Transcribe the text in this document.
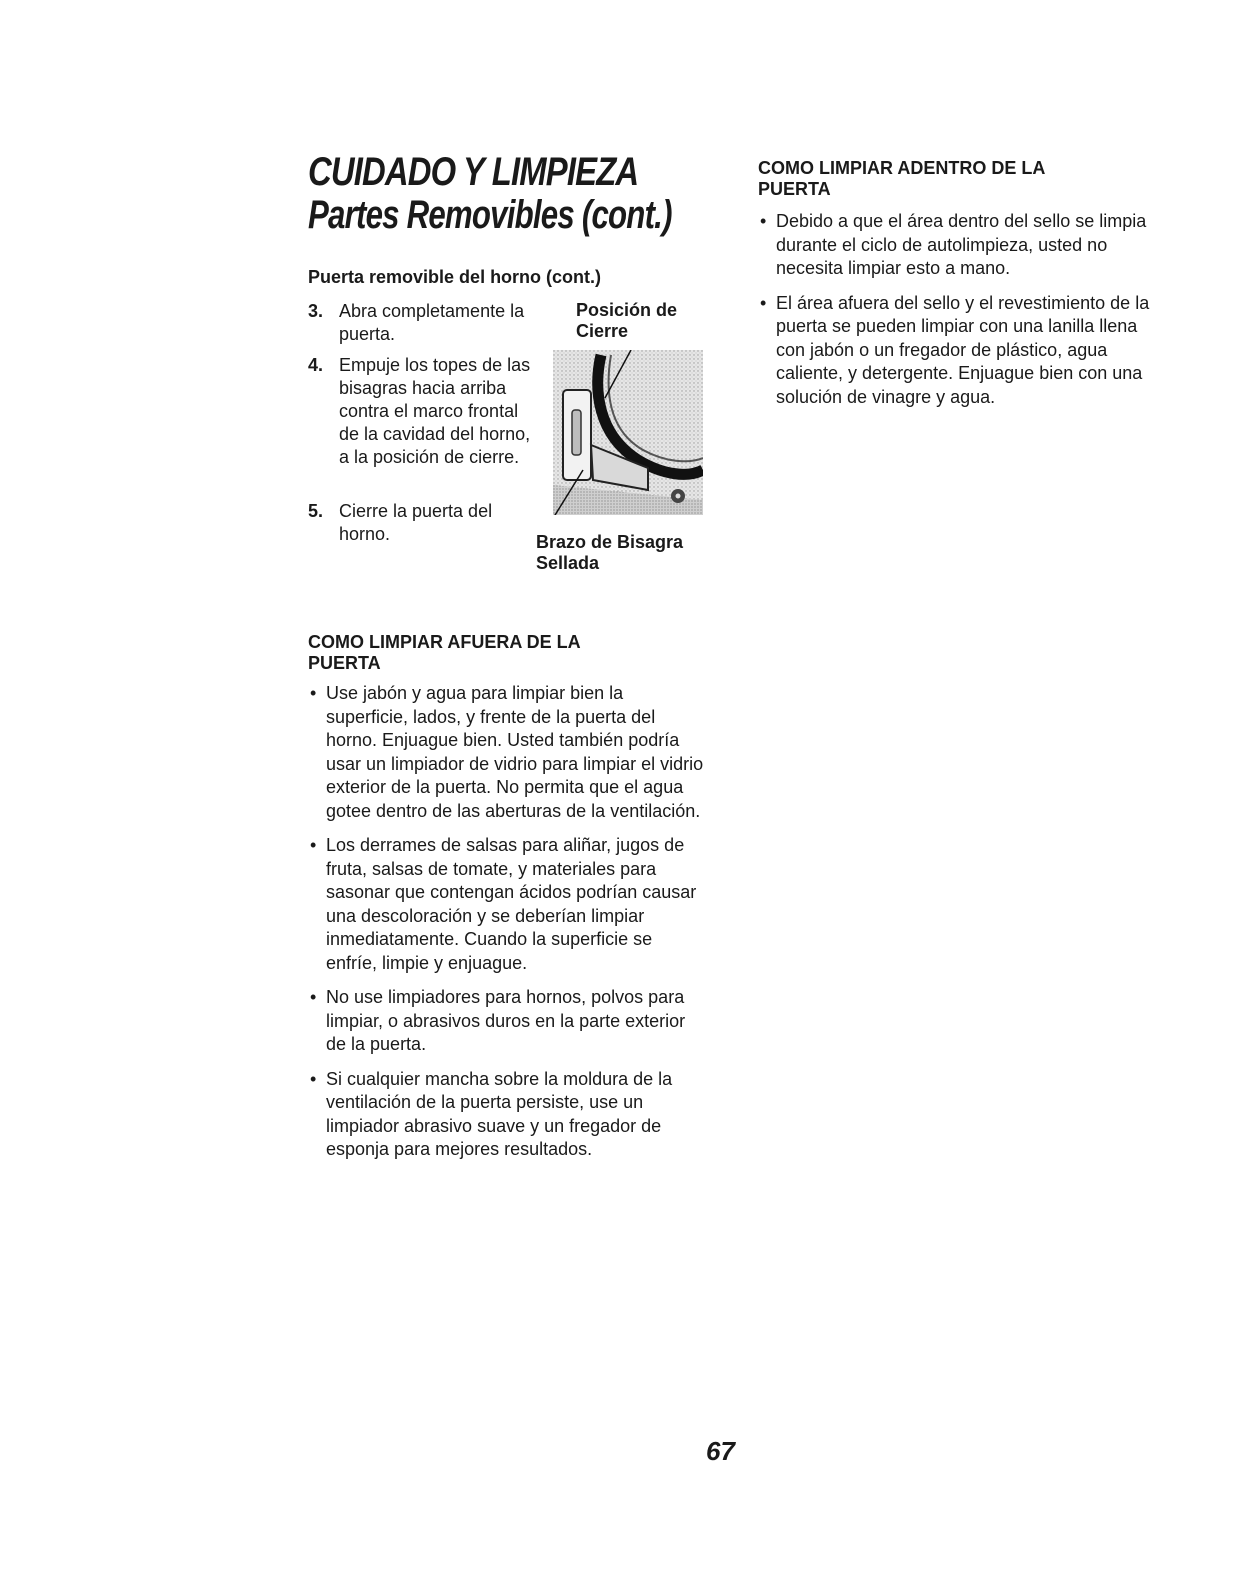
CUIDADO Y LIMPIEZA
Partes Removibles (cont.)
Puerta removible del horno (cont.)
3. Abra completamente la puerta.
4. Empuje los topes de las bisagras hacia arriba contra el marco frontal de la cavidad del horno, a la posición de cierre.
5. Cierre la puerta del horno.
Posición de Cierre
Brazo de Bisagra Sellada
COMO LIMPIAR AFUERA DE LA PUERTA
• Use jabón y agua para limpiar bien la superficie, lados, y frente de la puerta del horno. Enjuague bien. Usted también podría usar un limpiador de vidrio para limpiar el vidrio exterior de la puerta. No permita que el agua gotee dentro de las aberturas de la ventilación.
• Los derrames de salsas para aliñar, jugos de fruta, salsas de tomate, y materiales para sasonar que contengan ácidos podrían causar una descoloración y se deberían limpiar inmediatamente. Cuando la superficie se enfríe, limpie y enjuague.
• No use limpiadores para hornos, polvos para limpiar, o abrasivos duros en la parte exterior de la puerta.
• Si cualquier mancha sobre la moldura de la ventilación de la puerta persiste, use un limpiador abrasivo suave y un fregador de esponja para mejores resultados.
COMO LIMPIAR ADENTRO DE LA PUERTA
• Debido a que el área dentro del sello se limpia durante el ciclo de autolimpieza, usted no necesita limpiar esto a mano.
• El área afuera del sello y el revestimiento de la puerta se pueden limpiar con una lanilla llena con jabón o un fregador de plástico, agua caliente, y detergente. Enjuague bien con una solución de vinagre y agua.
67
